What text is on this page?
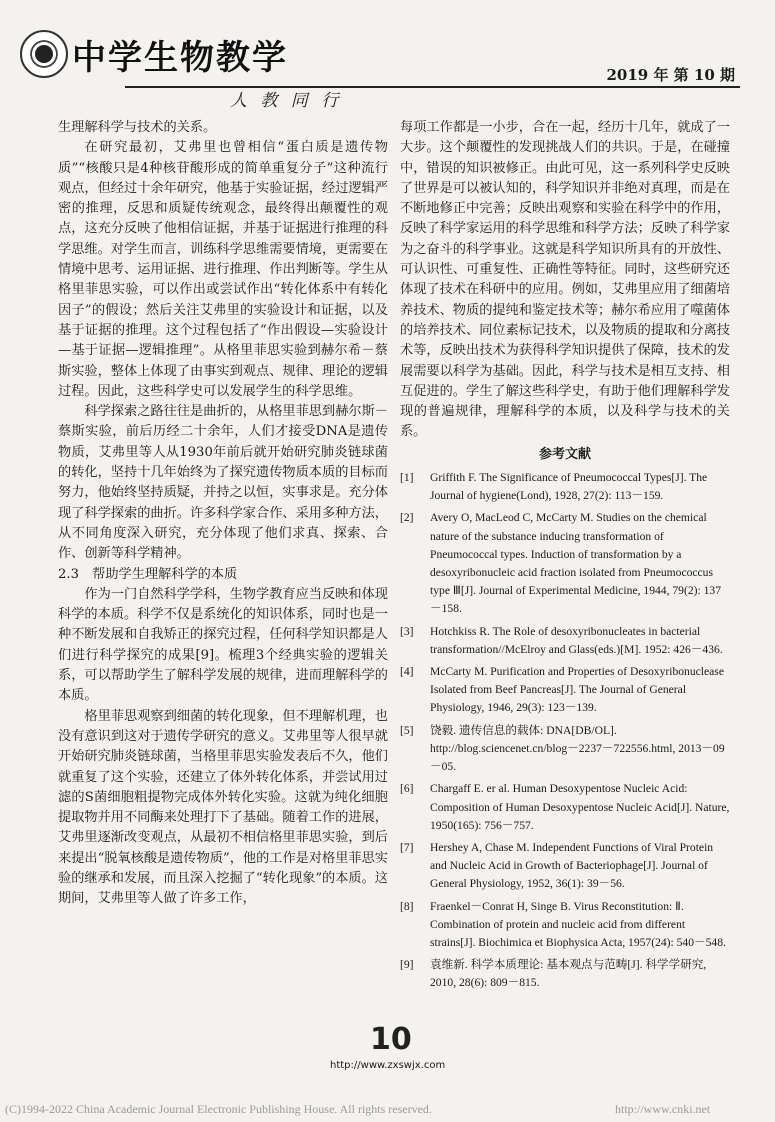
中学生物教学
人 教 同 行
2019 年 第 10 期

生理解科学与技术的关系。

在研究最初，艾弗里也曾相信“蛋白质是遗传物质”“核酸只是4种核苷酸形成的简单重复分子”这种流行观点，但经过十余年研究，他基于实验证据，经过逻辑严密的推理，反思和质疑传统观念，最终得出颠覆性的观点，这充分反映了他相信证据，并基于证据进行推理的科学思维。对学生而言，训练科学思维需要情境，更需要在情境中思考、运用证据、进行推理、作出判断等。学生从格里菲思实验，可以作出或尝试作出“转化体系中有转化因子”的假设；然后关注艾弗里的实验设计和证据，以及基于证据的推理。这个过程包括了“作出假设—实验设计—基于证据—逻辑推理”。从格里菲思实验到赫尔希－蔡斯实验，整体上体现了由事实到观点、规律、理论的逻辑过程。因此，这些科学史可以发展学生的科学思维。

科学探索之路往往是曲折的，从格里菲思到赫尔斯－蔡斯实验，前后历经二十余年，人们才接受DNA是遗传物质，艾弗里等人从1930年前后就开始研究肺炎链球菌的转化，坚持十几年始终为了探究遗传物质本质的目标而努力，他始终坚持质疑，并持之以恒，实事求是。充分体现了科学探索的曲折。许多科学家合作、采用多种方法，从不同角度深入研究，充分体现了他们求真、探索、合作、创新等科学精神。

2.3　帮助学生理解科学的本质

作为一门自然科学学科，生物学教育应当反映和体现科学的本质。科学不仅是系统化的知识体系，同时也是一种不断发展和自我矫正的探究过程，任何科学知识都是人们进行科学探究的成果[9]。梳理3个经典实验的逻辑关系，可以帮助学生了解科学发展的规律，进而理解科学的本质。

格里菲思观察到细菌的转化现象，但不理解机理，也没有意识到这对于遗传学研究的意义。艾弗里等人很早就开始研究肺炎链球菌，当格里菲思实验发表后不久，他们就重复了这个实验，还建立了体外转化体系，并尝试用过滤的S菌细胞粗提物完成体外转化实验。这就为纯化细胞提取物并用不同酶来处理打下了基础。随着工作的进展，艾弗里逐渐改变观点，从最初不相信格里菲思实验，到后来提出“脱氧核酸是遗传物质”，他的工作是对格里菲思实验的继承和发展，而且深入挖掘了“转化现象”的本质。这期间，艾弗里等人做了许多工作，

每项工作都是一小步，合在一起，经历十几年，就成了一大步。这个颠覆性的发现挑战人们的共识。于是，在碰撞中，错误的知识被修正。由此可见，这一系列科学史反映了世界是可以被认知的，科学知识并非绝对真理，而是在不断地修正中完善；反映出观察和实验在科学中的作用，反映了科学家运用的科学思维和科学方法；反映了科学家为之奋斗的科学事业。这就是科学知识所具有的开放性、可认识性、可重复性、正确性等特征。同时，这些研究还体现了技术在科研中的应用。例如，艾弗里应用了细菌培养技术、物质的提纯和鉴定技术等；赫尔希应用了噬菌体的培养技术、同位素标记技术，以及物质的提取和分离技术等，反映出技术为获得科学知识提供了保障，技术的发展需要以科学为基础。因此，科学与技术是相互支持、相互促进的。学生了解这些科学史，有助于他们理解科学发现的普遍规律，理解科学的本质，以及科学与技术的关系。

参考文献
[1]	Griffith F. The Significance of Pneumococcal Types[J]. The Journal of hygiene(Lond), 1928, 27(2): 113－159.
[2]	Avery O, MacLeod C, McCarty M. Studies on the chemical nature of the substance inducing transformation of Pneumococcal types. Induction of transformation by a desoxyribonucleic acid fraction isolated from Pneumococcus type Ⅲ[J]. Journal of Experimental Medicine, 1944, 79(2): 137－158.
[3]	Hotchkiss R. The Role of desoxyribonucleates in bacterial transformation//McElroy and Glass(eds.)[M]. 1952: 426－436.
[4]	McCarty M. Purification and Properties of Desoxyribonuclease Isolated from Beef Pancreas[J]. The Journal of General Physiology, 1946, 29(3): 123－139.
[5]	饶毅. 遗传信息的载体: DNA[DB/OL]. http://blog.sciencenet.cn/blog－2237－722556.html, 2013－09－05.
[6]	Chargaff E. er al. Human Desoxypentose Nucleic Acid: Composition of Human Desoxypentose Nucleic Acid[J]. Nature, 1950(165): 756－757.
[7]	Hershey A, Chase M. Independent Functions of Viral Protein and Nucleic Acid in Growth of Bacteriophage[J]. Journal of General Physiology, 1952, 36(1): 39－56.
[8]	Fraenkel－Conrat H, Singe B. Virus Reconstitution: Ⅱ. Combination of protein and nucleic acid from different strains[J]. Biochimica et Biophysica Acta, 1957(24): 540－548.
[9]	袁维新. 科学本质理论: 基本观点与范畴[J]. 科学学研究, 2010, 28(6): 809－815.
10
http://www.zxswjx.com
(C)1994-2022 China Academic Journal Electronic Publishing House. All rights reserved.	http://www.cnki.net
